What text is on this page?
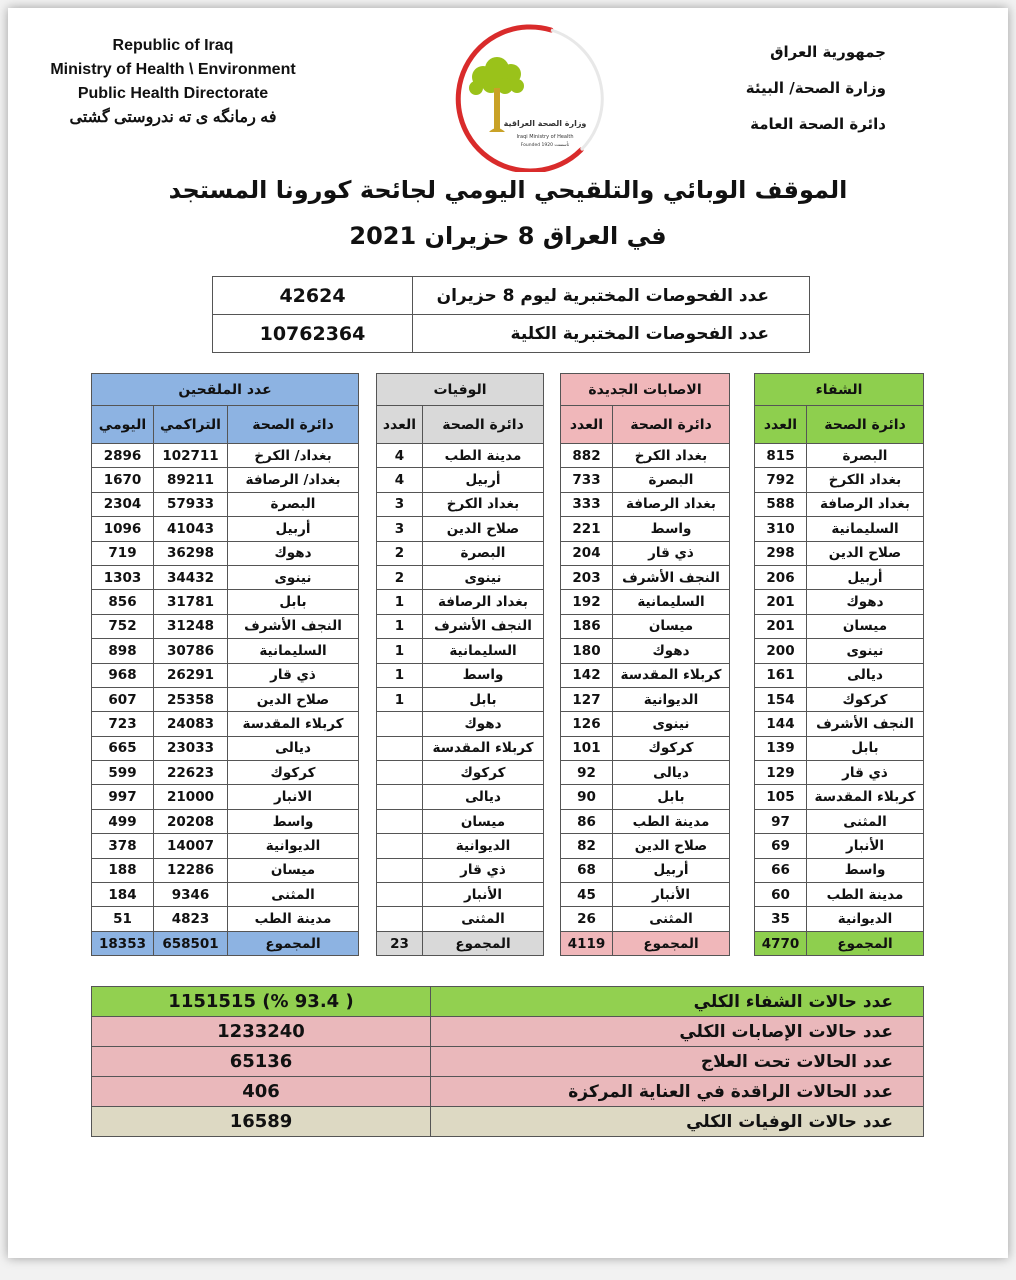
Republic of Iraq
Ministry of Health \ Environment
Public Health Directorate
فه رمانگه ی ته ندروستی گشتی
جمهورية العراق
وزارة الصحة/ البيئة
دائرة الصحة العامة
وزارة الصحة العراقية
Iraqi Ministry of Health
Founded 1920 تأسست
الموقف الوبائي والتلقيحي اليومي لجائحة كورونا المستجد
في العراق 8 حزيران 2021
عدد الفحوصات المختبرية ليوم 8 حزيران	42624
عدد الفحوصات المختبرية الكلية	10762364
الشفاء	
دائرة الصحة	العدد
البصرة	815
بغداد الكرخ	792
بغداد الرصافة	588
السليمانية	310
صلاح الدين	298
أربيل	206
دهوك	201
ميسان	201
نينوى	200
ديالى	161
كركوك	154
النجف الأشرف	144
بابل	139
ذي قار	129
كربلاء المقدسة	105
المثنى	97
الأنبار	69
واسط	66
مدينة الطب	60
الديوانية	35
المجموع	4770
الاصابات الجديدة	
دائرة الصحة	العدد
بغداد الكرخ	882
البصرة	733
بغداد الرصافة	333
واسط	221
ذي قار	204
النجف الأشرف	203
السليمانية	192
ميسان	186
دهوك	180
كربلاء المقدسة	142
الديوانية	127
نينوى	126
كركوك	101
ديالى	92
بابل	90
مدينة الطب	86
صلاح الدين	82
أربيل	68
الأنبار	45
المثنى	26
المجموع	4119
الوفيات	
دائرة الصحة	العدد
مدينة الطب	4
أربيل	4
بغداد الكرخ	3
صلاح الدين	3
البصرة	2
نينوى	2
بغداد الرصافة	1
النجف الأشرف	1
السليمانية	1
واسط	1
بابل	1
دهوك	
كربلاء المقدسة	
كركوك	
ديالى	
ميسان	
الديوانية	
ذي قار	
الأنبار	
المثنى	
المجموع	23
عدد الملقحين		
دائرة الصحة	التراكمي	اليومي
بغداد/ الكرخ	102711	2896
بغداد/ الرصافة	89211	1670
البصرة	57933	2304
أربيل	41043	1096
دهوك	36298	719
نينوى	34432	1303
بابل	31781	856
النجف الأشرف	31248	752
السليمانية	30786	898
ذي قار	26291	968
صلاح الدين	25358	607
كربلاء المقدسة	24083	723
ديالى	23033	665
كركوك	22623	599
الانبار	21000	997
واسط	20208	499
الديوانية	14007	378
ميسان	12286	188
المثنى	9346	184
مدينة الطب	4823	51
المجموع	658501	18353
عدد حالات الشفاء الكلي	( 93.4 %) 1151515
عدد حالات الإصابات الكلي	1233240
عدد الحالات تحت العلاج	65136
عدد الحالات الراقدة في العناية المركزة	406
عدد حالات الوفيات الكلي	16589
